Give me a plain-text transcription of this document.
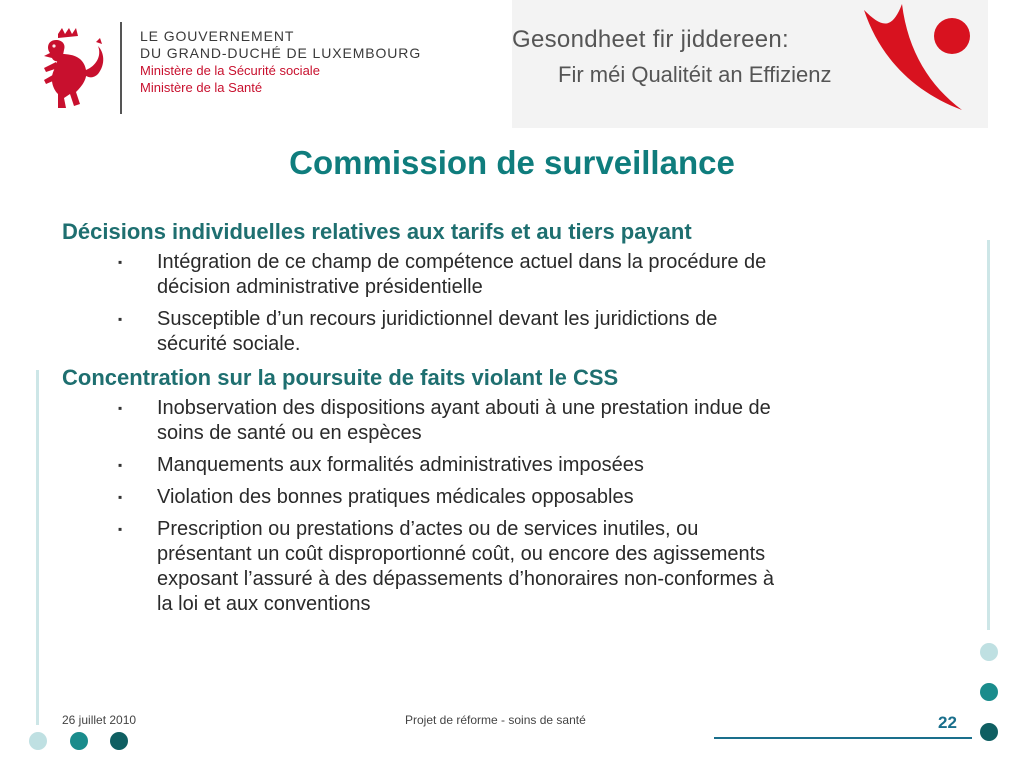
LE GOUVERNEMENT
DU GRAND-DUCHÉ DE LUXEMBOURG
Ministère de la Sécurité sociale
Ministère de la Santé
Gesondheet fir jiddereen:
Fir méi Qualitéit an Effizienz
Commission de surveillance
Décisions individuelles relatives aux tarifs et au tiers payant
▪ Intégration de ce champ de compétence actuel dans la procédure de
décision administrative présidentielle
▪ Susceptible d’un recours juridictionnel devant les juridictions de
sécurité sociale.
Concentration sur la poursuite de faits violant le CSS
▪ Inobservation des dispositions ayant abouti à une prestation indue de
soins de santé ou en espèces
▪ Manquements aux formalités administratives imposées
▪ Violation des bonnes pratiques médicales opposables
▪ Prescription ou prestations d’actes ou de services inutiles, ou
présentant un coût disproportionné coût, ou encore des agissements
exposant l’assuré à des dépassements d’honoraires non-conformes à
la loi et aux conventions
26 juillet 2010	Projet de réforme - soins de santé	22
